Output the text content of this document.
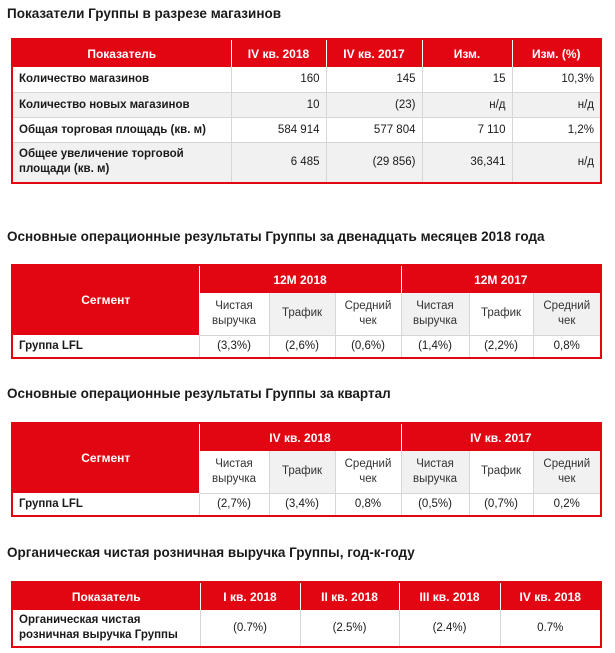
Показатели Группы в разрезе магазинов
Показатель	IV кв. 2018	IV кв. 2017	Изм.	Изм. (%)
Количество магазинов	160	145	15	10,3%
Количество новых магазинов	10	(23)	н/д	н/д
Общая торговая площадь (кв. м)	584 914	577 804	7 110	1,2%
Общее увеличение торговой площади (кв. м)	6 485	(29 856)	36,341	н/д
Основные операционные результаты Группы за двенадцать месяцев 2018 года
Сегмент	12M 2018			12M 2017		
	Чистая выручка	Трафик	Средний чек	Чистая выручка	Трафик	Средний чек
Группа LFL	(3,3%)	(2,6%)	(0,6%)	(1,4%)	(2,2%)	0,8%
Основные операционные результаты Группы за квартал
Сегмент	IV кв. 2018			IV кв. 2017		
	Чистая выручка	Трафик	Средний чек	Чистая выручка	Трафик	Средний чек
Группа LFL	(2,7%)	(3,4%)	0,8%	(0,5%)	(0,7%)	0,2%
Органическая чистая розничная выручка Группы, год-к-году
Показатель	I кв. 2018	II кв. 2018	III кв. 2018	IV кв. 2018
Органическая чистая розничная выручка Группы	(0.7%)	(2.5%)	(2.4%)	0.7%
